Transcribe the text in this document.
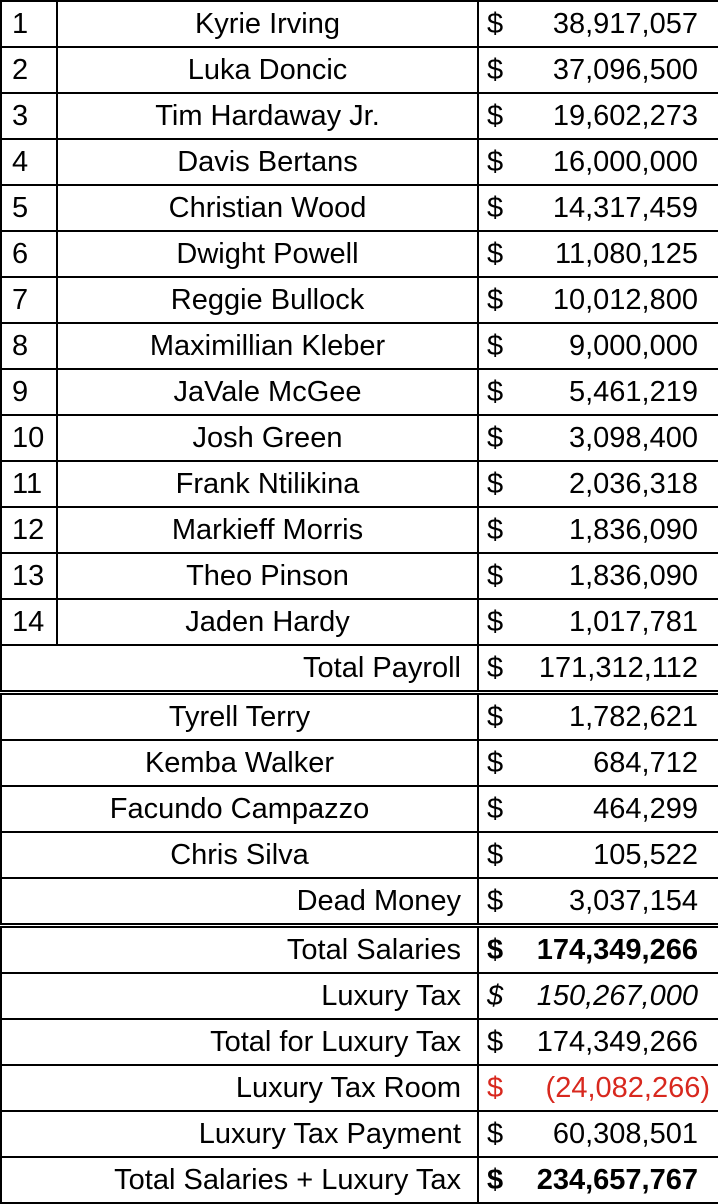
1	Kyrie Irving	$ 38,917,057

2	Luka Doncic	$ 37,096,500

3	Tim Hardaway Jr.	$ 19,602,273

4	Davis Bertans	$ 16,000,000

5	Christian Wood	$ 14,317,459

6	Dwight Powell	$ 11,080,125

7	Reggie Bullock	$ 10,012,800

8	Maximillian Kleber	$ 9,000,000

9	JaVale McGee	$ 5,461,219

10	Josh Green	$ 3,098,400

11	Frank Ntilikina	$ 2,036,318

12	Markieff Morris	$ 1,836,090

13	Theo Pinson	$ 1,836,090

14	Jaden Hardy	$ 1,017,781

Total Payroll		$ 171,312,112

Tyrell Terry		$ 1,782,621

Kemba Walker		$ 684,712

Facundo Campazzo		$ 464,299

Chris Silva		$ 105,522

Dead Money		$ 3,037,154

Total Salaries		$ 174,349,266

Luxury Tax		$ 150,267,000

Total for Luxury Tax		$ 174,349,266

Luxury Tax Room		$ (24,082,266)

Luxury Tax Payment		$ 60,308,501

Total Salaries + Luxury Tax		$ 234,657,767
